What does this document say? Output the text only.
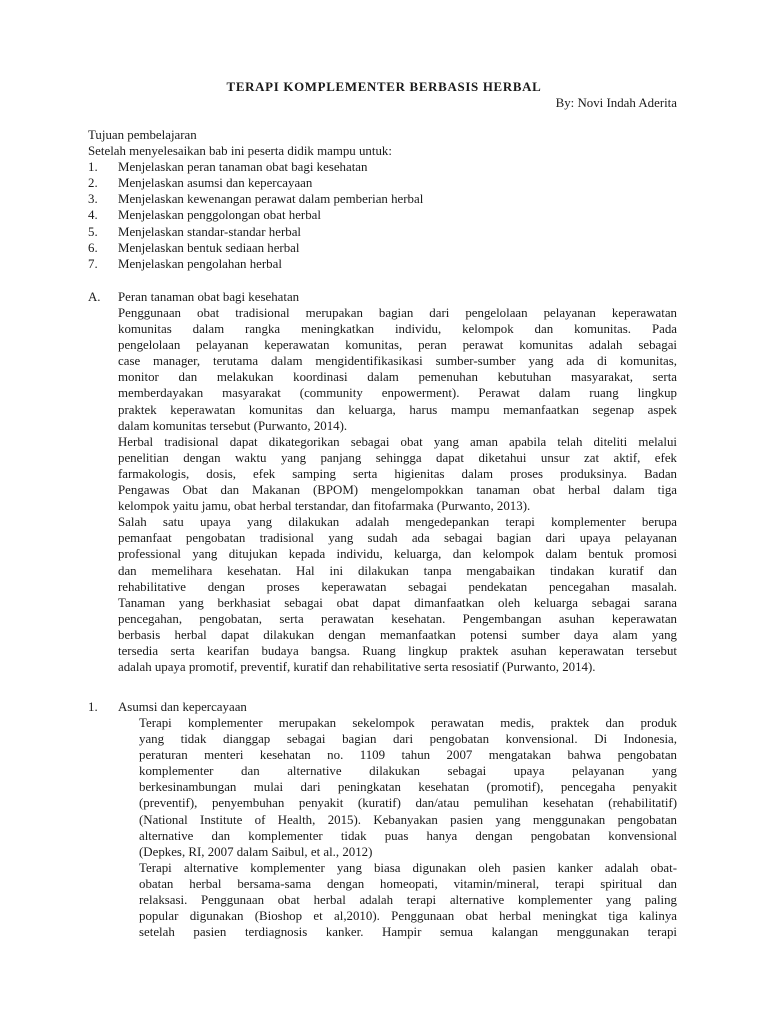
TERAPI KOMPLEMENTER BERBASIS HERBAL
By: Novi Indah Aderita
Tujuan pembelajaran
Setelah menyelesaikan bab ini peserta didik mampu untuk:
1. Menjelaskan peran tanaman obat bagi kesehatan
2. Menjelaskan asumsi dan kepercayaan
3. Menjelaskan kewenangan perawat dalam pemberian herbal
4. Menjelaskan penggolongan obat herbal
5. Menjelaskan standar-standar herbal
6. Menjelaskan bentuk sediaan herbal
7. Menjelaskan pengolahan herbal
A. Peran tanaman obat bagi kesehatan
Penggunaan obat tradisional merupakan bagian dari pengelolaan pelayanan keperawatan
komunitas dalam rangka meningkatkan individu, kelompok dan komunitas. Pada
pengelolaan pelayanan keperawatan komunitas, peran perawat komunitas adalah sebagai
case manager, terutama dalam mengidentifikasikasi sumber-sumber yang ada di komunitas,
monitor dan melakukan koordinasi dalam pemenuhan kebutuhan masyarakat, serta
memberdayakan masyarakat (community enpowerment). Perawat dalam ruang lingkup
praktek keperawatan komunitas dan keluarga, harus mampu memanfaatkan segenap aspek
dalam komunitas tersebut (Purwanto, 2014).
Herbal tradisional dapat dikategorikan sebagai obat yang aman apabila telah diteliti melalui
penelitian dengan waktu yang panjang sehingga dapat diketahui unsur zat aktif, efek
farmakologis, dosis, efek samping serta higienitas dalam proses produksinya. Badan
Pengawas Obat dan Makanan (BPOM) mengelompokkan tanaman obat herbal dalam tiga
kelompok yaitu jamu, obat herbal terstandar, dan fitofarmaka (Purwanto, 2013).
Salah satu upaya yang dilakukan adalah mengedepankan terapi komplementer berupa
pemanfaat pengobatan tradisional yang sudah ada sebagai bagian dari upaya pelayanan
professional yang ditujukan kepada individu, keluarga, dan kelompok dalam bentuk promosi
dan memelihara kesehatan. Hal ini dilakukan tanpa mengabaikan tindakan kuratif dan
rehabilitative dengan proses keperawatan sebagai pendekatan pencegahan masalah.
Tanaman yang berkhasiat sebagai obat dapat dimanfaatkan oleh keluarga sebagai sarana
pencegahan, pengobatan, serta perawatan kesehatan. Pengembangan asuhan keperawatan
berbasis herbal dapat dilakukan dengan memanfaatkan potensi sumber daya alam yang
tersedia serta kearifan budaya bangsa. Ruang lingkup praktek asuhan keperawatan tersebut
adalah upaya promotif, preventif, kuratif dan rehabilitative serta resosiatif (Purwanto, 2014).
1. Asumsi dan kepercayaan
Terapi komplementer merupakan sekelompok perawatan medis, praktek dan produk
yang tidak dianggap sebagai bagian dari pengobatan konvensional. Di Indonesia,
peraturan menteri kesehatan no. 1109 tahun 2007 mengatakan bahwa pengobatan
komplementer dan alternative dilakukan sebagai upaya pelayanan yang
berkesinambungan mulai dari peningkatan kesehatan (promotif), pencegaha penyakit
(preventif), penyembuhan penyakit (kuratif) dan/atau pemulihan kesehatan (rehabilitatif)
(National Institute of Health, 2015). Kebanyakan pasien yang menggunakan pengobatan
alternative dan komplementer tidak puas hanya dengan pengobatan konvensional
(Depkes, RI, 2007 dalam Saibul, et al., 2012)
Terapi alternative komplementer yang biasa digunakan oleh pasien kanker adalah obat-
obatan herbal bersama-sama dengan homeopati, vitamin/mineral, terapi spiritual dan
relaksasi. Penggunaan obat herbal adalah terapi alternative komplementer yang paling
popular digunakan (Bioshop et al,2010). Penggunaan obat herbal meningkat tiga kalinya
setelah pasien terdiagnosis kanker. Hampir semua kalangan menggunakan terapi
